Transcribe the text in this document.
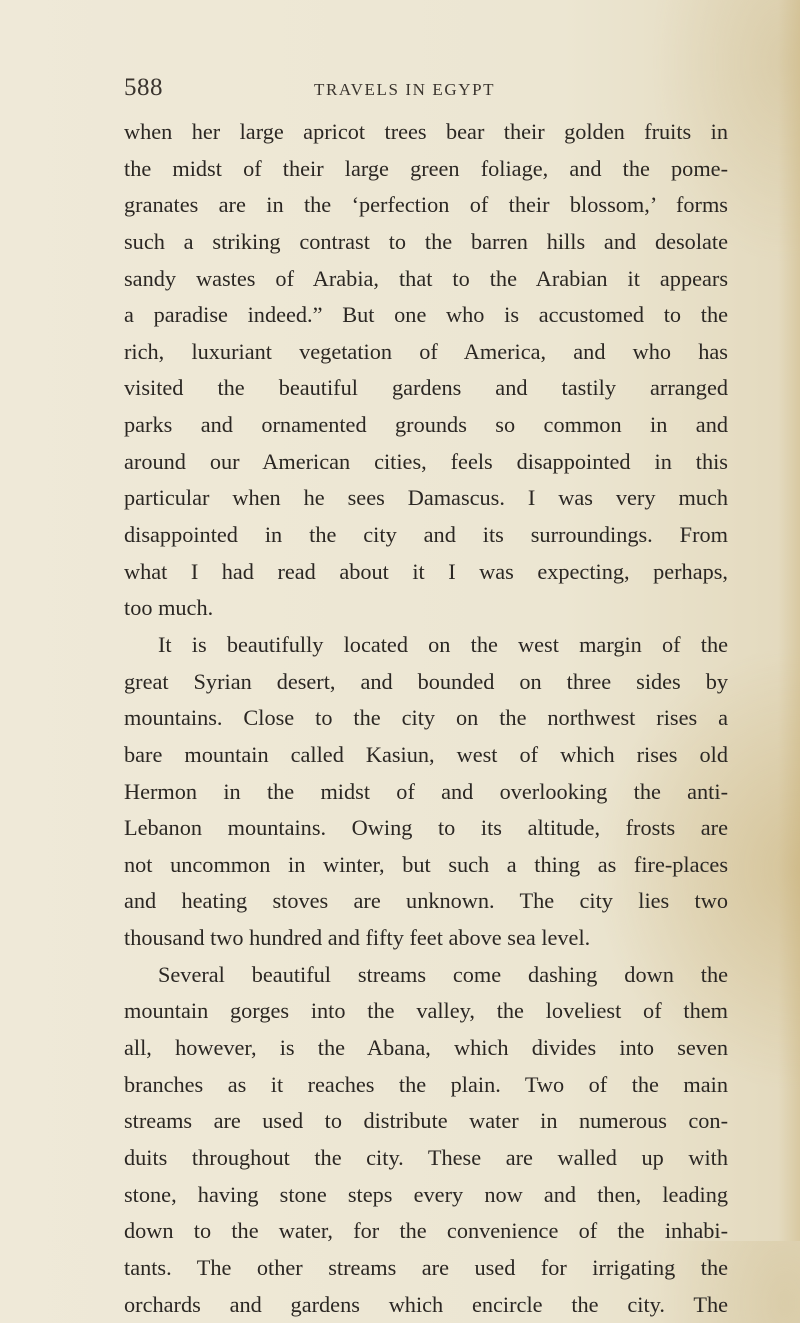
588	TRAVELS IN EGYPT
when her large apricot trees bear their golden fruits in
the midst of their large green foliage, and the pome-
granates are in the ‘perfection of their blossom,’ forms
such a striking contrast to the barren hills and desolate
sandy wastes of Arabia, that to the Arabian it appears
a paradise indeed.” But one who is accustomed to the
rich, luxuriant vegetation of America, and who has
visited the beautiful gardens and tastily arranged
parks and ornamented grounds so common in and
around our American cities, feels disappointed in this
particular when he sees Damascus. I was very much
disappointed in the city and its surroundings. From
what I had read about it I was expecting, perhaps,
too much.
It is beautifully located on the west margin of the
great Syrian desert, and bounded on three sides by
mountains. Close to the city on the northwest rises a
bare mountain called Kasiun, west of which rises old
Hermon in the midst of and overlooking the anti-
Lebanon mountains. Owing to its altitude, frosts are
not uncommon in winter, but such a thing as fire-places
and heating stoves are unknown. The city lies two
thousand two hundred and fifty feet above sea level.
Several beautiful streams come dashing down the
mountain gorges into the valley, the loveliest of them
all, however, is the Abana, which divides into seven
branches as it reaches the plain. Two of the main
streams are used to distribute water in numerous con-
duits throughout the city. These are walled up with
stone, having stone steps every now and then, leading
down to the water, for the convenience of the inhabi-
tants. The other streams are used for irrigating the
orchards and gardens which encircle the city. The
